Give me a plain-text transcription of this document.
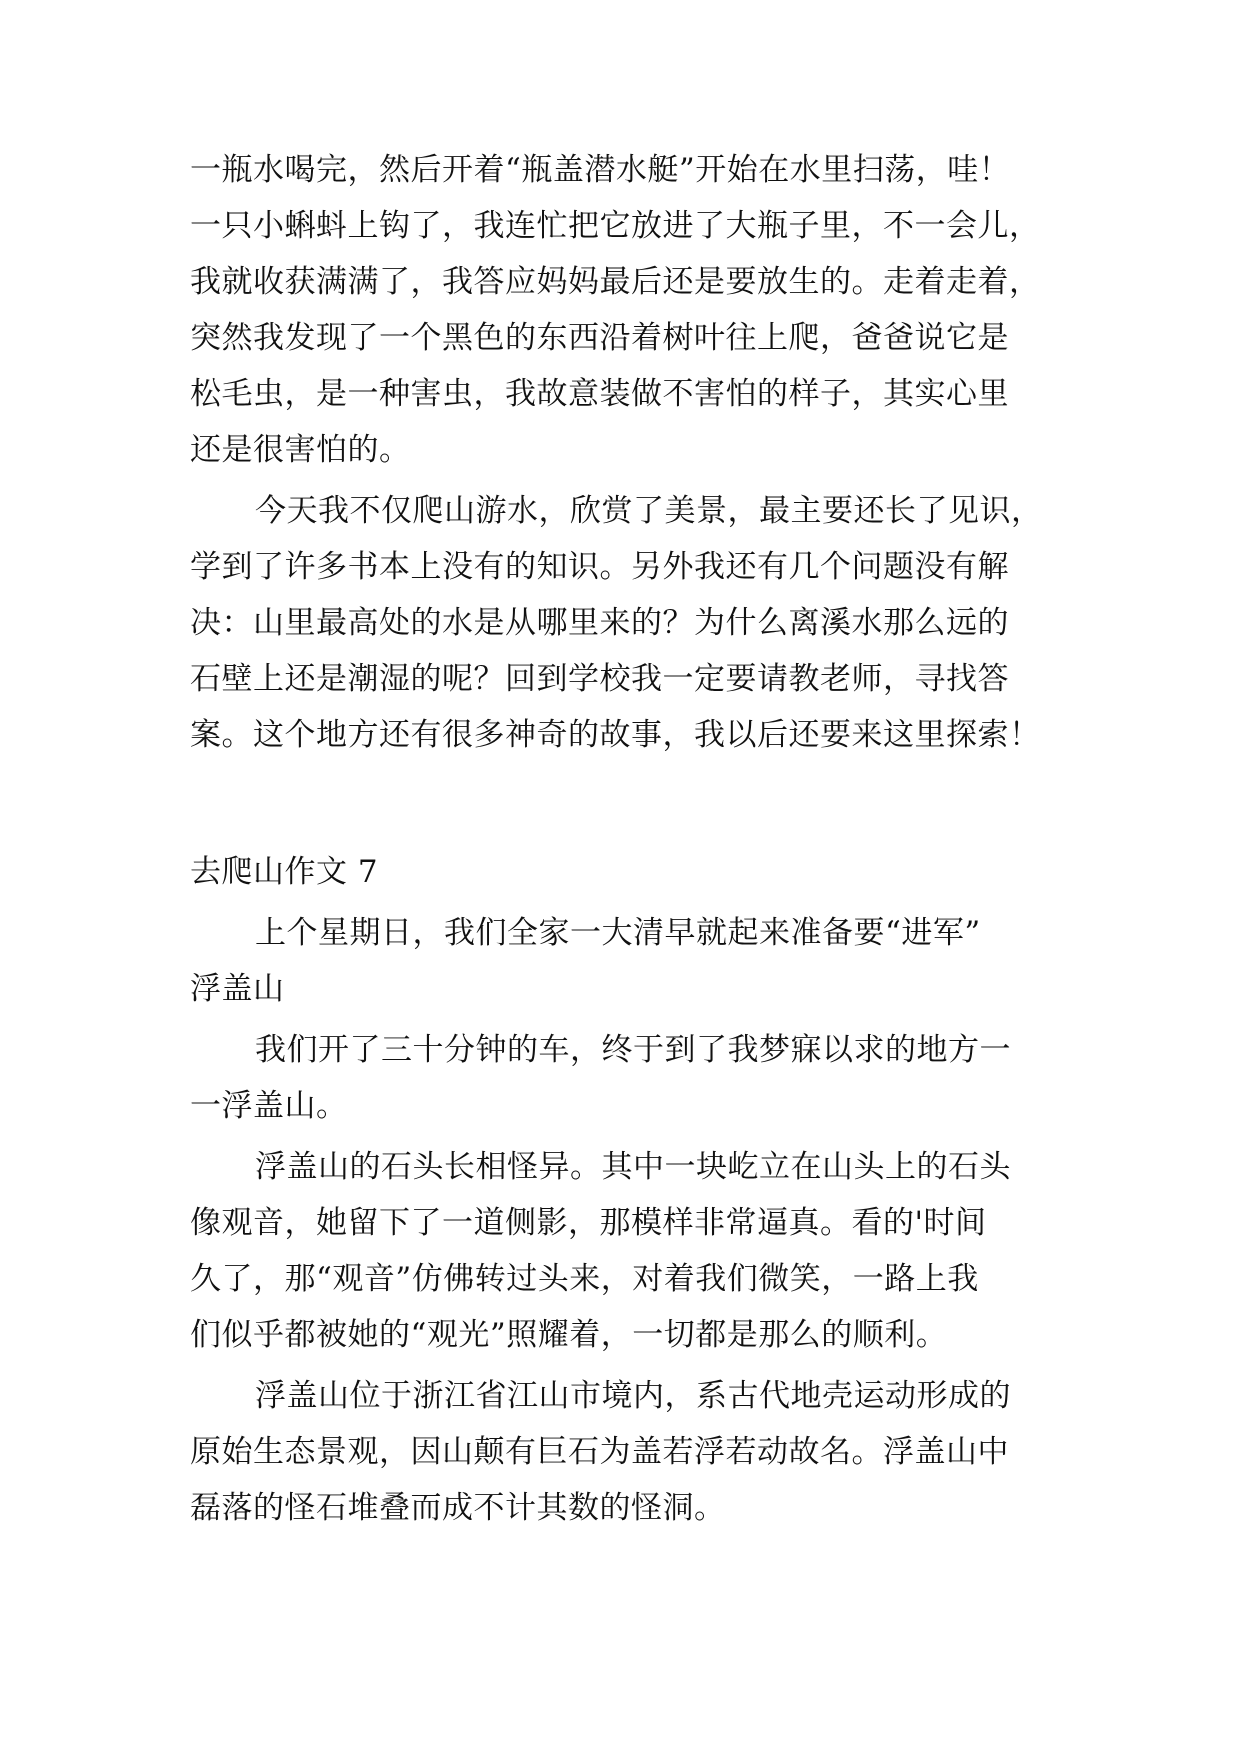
一瓶水喝完，然后开着“瓶盖潜水艇”开始在水里扫荡，哇！
一只小蝌蚪上钩了，我连忙把它放进了大瓶子里，不一会儿，
我就收获满满了，我答应妈妈最后还是要放生的。走着走着，
突然我发现了一个黑色的东西沿着树叶往上爬，爸爸说它是
松毛虫，是一种害虫，我故意装做不害怕的样子，其实心里
还是很害怕的。
今天我不仅爬山游水，欣赏了美景，最主要还长了见识，
学到了许多书本上没有的知识。另外我还有几个问题没有解
决：山里最高处的水是从哪里来的？为什么离溪水那么远的
石壁上还是潮湿的呢？回到学校我一定要请教老师，寻找答
案。这个地方还有很多神奇的故事，我以后还要来这里探索！
去爬山作文 7
上个星期日，我们全家一大清早就起来准备要“进军”
浮盖山
我们开了三十分钟的车，终于到了我梦寐以求的地方一
一浮盖山。
浮盖山的石头长相怪异。其中一块屹立在山头上的石头
像观音，她留下了一道侧影，那模样非常逼真。看的'时间
久了，那“观音”仿佛转过头来，对着我们微笑，一路上我
们似乎都被她的“观光”照耀着，一切都是那么的顺利。
浮盖山位于浙江省江山市境内，系古代地壳运动形成的
原始生态景观，因山颠有巨石为盖若浮若动故名。浮盖山中
磊落的怪石堆叠而成不计其数的怪洞。
